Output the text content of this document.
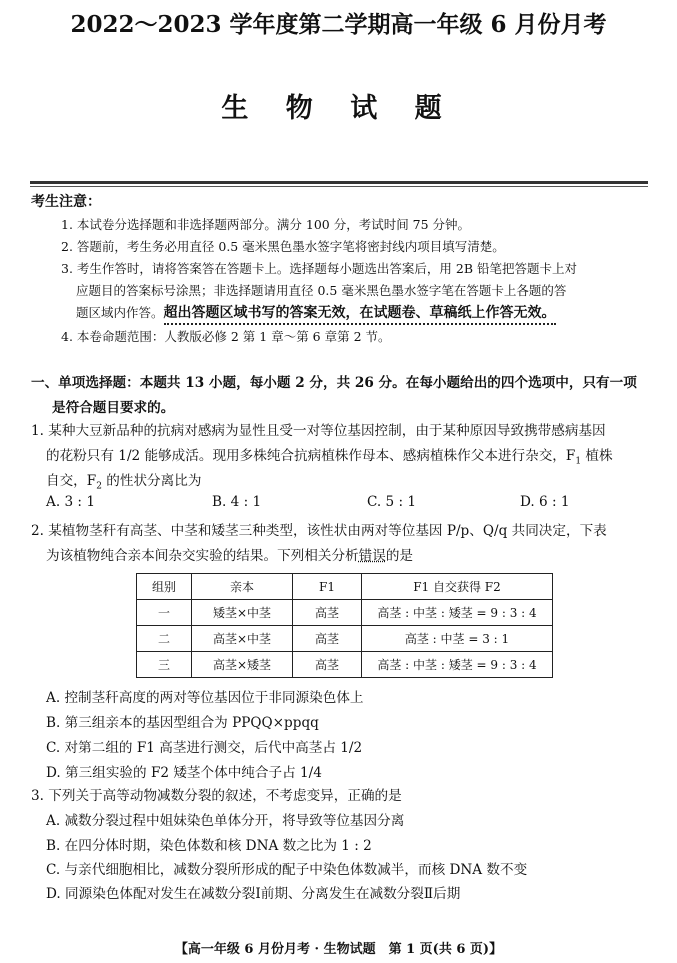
2022～2023 学年度第二学期高一年级 6 月份月考
生 物 试 题
考生注意：
1. 本试卷分选择题和非选择题两部分。满分 100 分，考试时间 75 分钟。
2. 答题前，考生务必用直径 0.5 毫米黑色墨水签字笔将密封线内项目填写清楚。
3. 考生作答时，请将答案答在答题卡上。选择题每小题选出答案后，用 2B 铅笔把答题卡上对
应题目的答案标号涂黑；非选择题请用直径 0.5 毫米黑色墨水签字笔在答题卡上各题的答
题区域内作答。超出答题区域书写的答案无效，在试题卷、草稿纸上作答无效。
4. 本卷命题范围：人教版必修 2 第 1 章～第 6 章第 2 节。
一、单项选择题：本题共 13 小题，每小题 2 分，共 26 分。在每小题给出的四个选项中，只有一项
是符合题目要求的。
1. 某种大豆新品种的抗病对感病为显性且受一对等位基因控制，由于某种原因导致携带感病基因
的花粉只有 1/2 能够成活。现用多株纯合抗病植株作母本、感病植株作父本进行杂交，$F_1$ 植株
自交，$F_2$ 的性状分离比为
A. 3 : 1	B. 4 : 1	C. 5 : 1	D. 6 : 1
2. 某植物茎秆有高茎、中茎和矮茎三种类型，该性状由两对等位基因 P/p、Q/q 共同决定，下表
为该植物纯合亲本间杂交实验的结果。下列相关分析错误的是
组别	亲本	F1	F1 自交获得 F2
一	矮茎×中茎	高茎	高茎 : 中茎 : 矮茎 = 9 : 3 : 4
二	高茎×中茎	高茎	高茎 : 中茎 = 3 : 1
三	高茎×矮茎	高茎	高茎 : 中茎 : 矮茎 = 9 : 3 : 4
A. 控制茎秆高度的两对等位基因位于非同源染色体上
B. 第三组亲本的基因型组合为 PPQQ×ppqq
C. 对第二组的 F1 高茎进行测交，后代中高茎占 1/2
D. 第三组实验的 F2 矮茎个体中纯合子占 1/4
3. 下列关于高等动物减数分裂的叙述，不考虑变异，正确的是
A. 减数分裂过程中姐妹染色单体分开，将导致等位基因分离
B. 在四分体时期，染色体数和核 DNA 数之比为 1 : 2
C. 与亲代细胞相比，减数分裂所形成的配子中染色体数减半，而核 DNA 数不变
D. 同源染色体配对发生在减数分裂Ⅰ前期、分离发生在减数分裂Ⅱ后期
【高一年级 6 月份月考 · 生物试题　第 1 页(共 6 页)】
